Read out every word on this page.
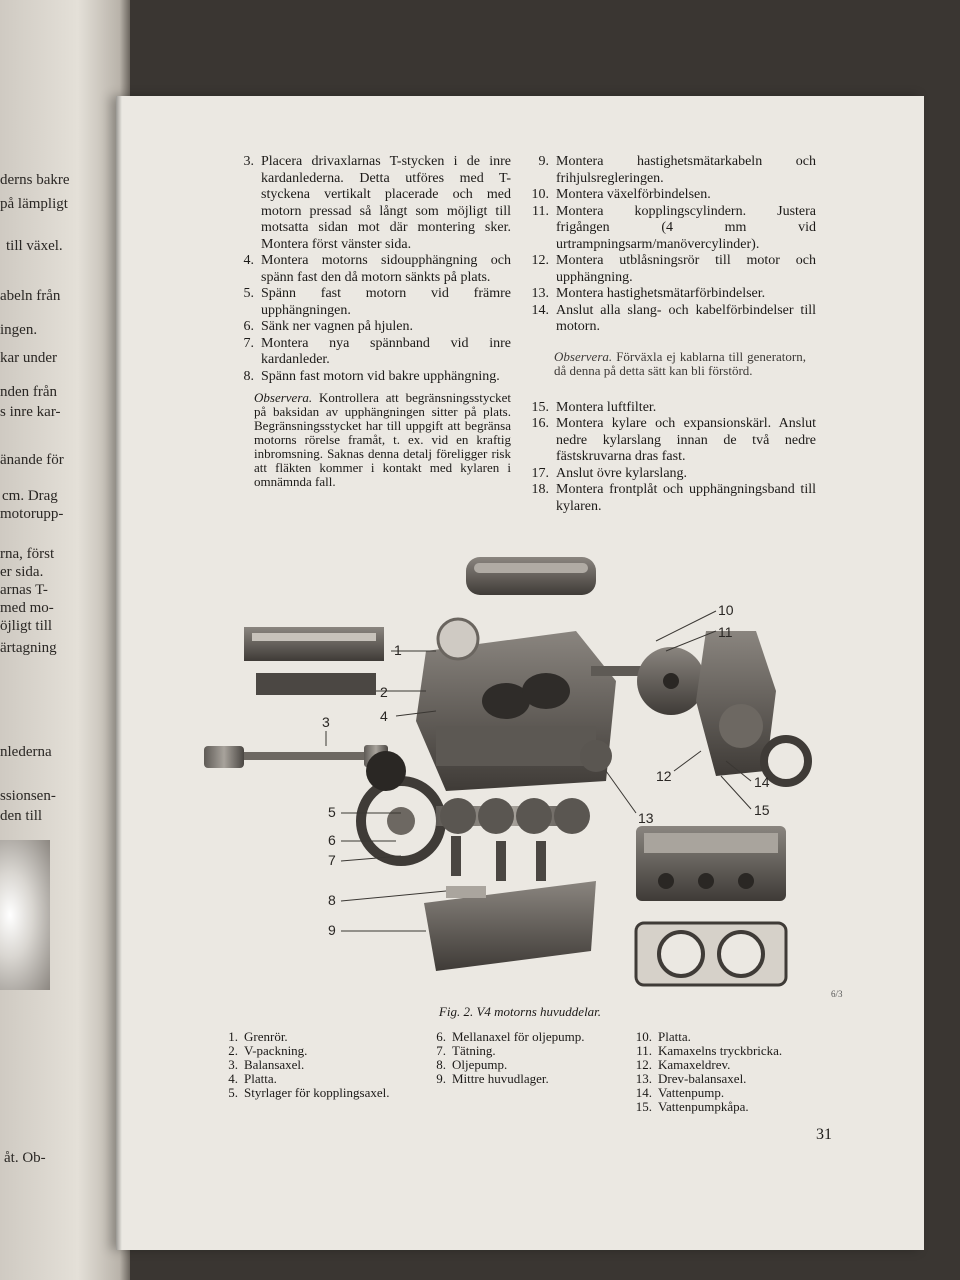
derns bakre
på lämpligt
till växel.
abeln från
ingen.
kar under
nden från
s inre kar-
änande för
cm. Drag
motorupp-
rna, först
er sida.
arnas T-
med mo-
öjligt till
ärtagning
nlederna
ssionsen-
den till
åt. Ob-
3. Placera drivaxlarnas T-stycken i de inre kardanlederna. Detta utföres med T-styckena vertikalt placerade och med motorn pressad så långt som möjligt till motsatta sidan mot där montering sker. Montera först vänster sida.
4. Montera motorns sidoupphängning och spänn fast den då motorn sänkts på plats.
5. Spänn fast motorn vid främre upphängningen.
6. Sänk ner vagnen på hjulen.
7. Montera nya spännband vid inre kardanleder.
8. Spänn fast motorn vid bakre upphängning.

Observera. Kontrollera att begränsningsstycket på baksidan av upphängningen sitter på plats. Begränsningsstycket har till uppgift att begränsa motorns rörelse framåt, t. ex. vid en kraftig inbromsning. Saknas denna detalj föreligger risk att fläkten kommer i kontakt med kylaren i omnämnda fall.

9. Montera hastighetsmätarkabeln och frihjulsregleringen.
10. Montera växelförbindelsen.
11. Montera kopplingscylindern. Justera frigången (4 mm vid urtrampningsarm/manövercylinder).
12. Montera utblåsningsrör till motor och upphängning.
13. Montera hastighetsmätarförbindelser.
14. Anslut alla slang- och kabelförbindelser till motorn.

Observera. Förväxla ej kablarna till generatorn, då denna på detta sätt kan bli förstörd.

15. Montera luftfilter.
16. Montera kylare och expansionskärl. Anslut nedre kylarslang innan de två nedre fästskruvarna dras fast.
17. Anslut övre kylarslang.
18. Montera frontplåt och upphängningsband till kylaren.
1
2
3	4
5
6
7
8
9
10
11
12
13
14
15
6/3
Fig. 2. V4 motorns huvuddelar.
1. Grenrör.
2. V-packning.
3. Balansaxel.
4. Platta.
5. Styrlager för kopplingsaxel.
6. Mellanaxel för oljepump.
7. Tätning.
8. Oljepump.
9. Mittre huvudlager.
10. Platta.
11. Kamaxelns tryckbricka.
12. Kamaxeldrev.
13. Drev-balansaxel.
14. Vattenpump.
15. Vattenpumpkåpa.
31
